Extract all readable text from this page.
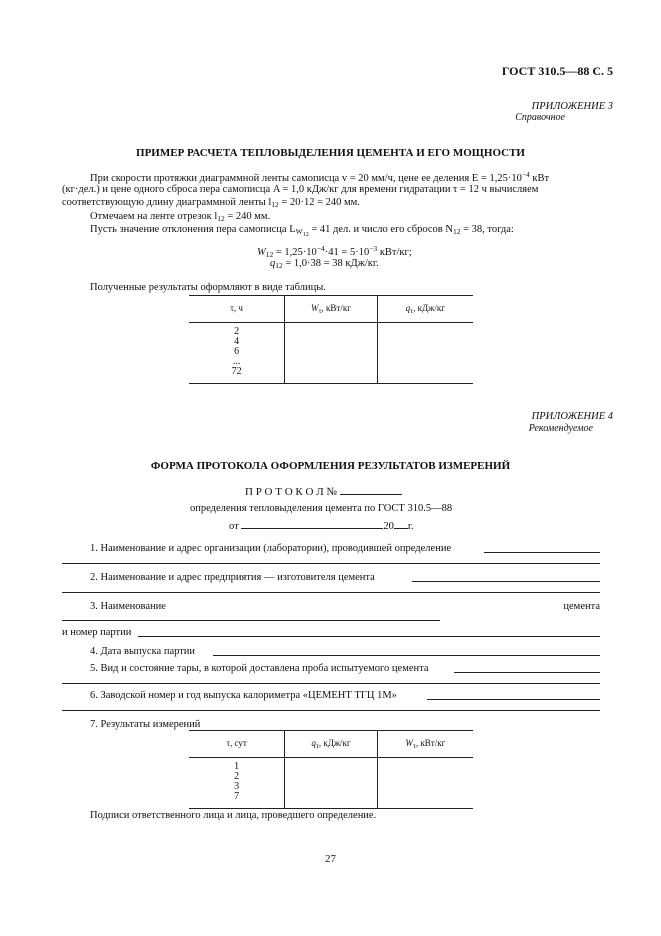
ГОСТ 310.5—88 С. 5
ПРИЛОЖЕНИЕ 3
Справочное
ПРИМЕР РАСЧЕТА ТЕПЛОВЫДЕЛЕНИЯ ЦЕМЕНТА И ЕГО МОЩНОСТИ
При скорости протяжки диаграммной ленты самописца v = 20 мм/ч, цене ее деления $E = 1,25\cdot 10^{-4}$ кВт
(кг·дел.) и цене одного сброса пера самописца A = 1,0 кДж/кг для времени гидратации τ = 12 ч вычисляем
соответствующую длину диаграммной ленты $l_{12} = 20\cdot 12 = 240$ мм.
Отмечаем на ленте отрезок $l_{12} = 240$ мм.
Пусть значение отклонения пера самописца $L_{W_{12}} = 41$ дел. и число его сбросов $N_{12} = 38$, тогда:
$W_{12} = 1,25\cdot 10^{-4}\cdot 41 = 5\cdot 10^{-3}$ кВт/кг;
$q_{12} = 1,0\cdot 38 = 38$ кДж/кг.
Полученные результаты оформляют в виде таблицы.
τ, ч	$W_\tau$, кВт/кг	$q_\tau$, кДж/кг

2
4
6
...
72		

ПРИЛОЖЕНИЕ 4
Рекомендуемое
ФОРМА ПРОТОКОЛА ОФОРМЛЕНИЯ РЕЗУЛЬТАТОВ ИЗМЕРЕНИЙ
П Р О Т О К О Л №
определения тепловыделения цемента по ГОСТ 310.5—88
от	20 г.
1. Наименование и адрес организации (лаборатории), проводившей определение
2. Наименование и адрес предприятия — изготовителя цемента
3. Наименование	цемента
и номер партии
4. Дата выпуска партии
5. Вид и состояние тары, в которой доставлена проба испытуемого цемента
6. Заводской номер и год выпуска калориметра «ЦЕМЕНТ ТГЦ 1М»
7. Результаты измерений
τ, сут	$q_\tau$, кДж/кг	$W_\tau$, кВт/кг

1
2
3
7		

Подписи ответственного лица и лица, проведшего определение.
27
